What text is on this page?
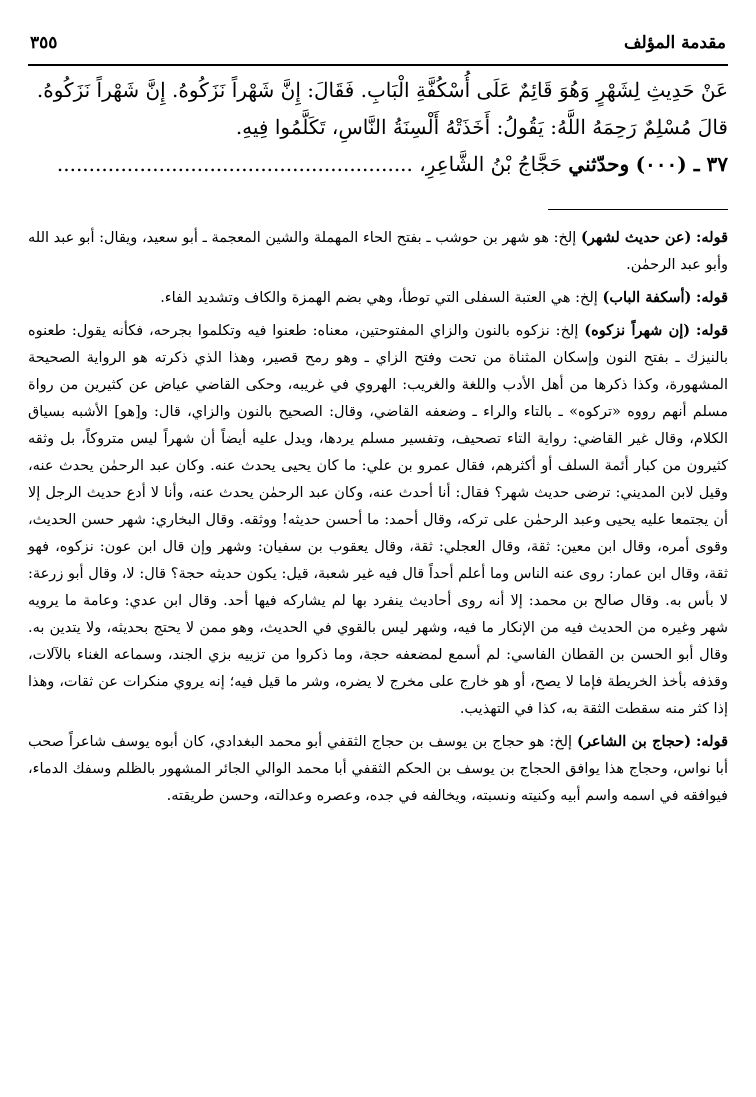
مقدمة المؤلف
٣٥٥

عَنْ حَدِيثِ لِشَهْرٍ وَهُوَ قَائِمٌ عَلَى أُسْكُفَّةِ الْبَابِ. فَقَالَ: إِنَّ شَهْراً نَزَكُوهُ. إِنَّ شَهْراً نَزَكُوهُ.

قالَ مُسْلِمٌ رَحِمَهُ اللَّهُ: يَقُولُ: أَخَذَتْهُ أَلْسِنَةُ النَّاسِ، تَكَلَّمُوا فِيهِ.

٣٧ ـ (٠٠٠) وحدّثني حَجَّاجُ بْنُ الشَّاعِرِ، ........................................................

قوله: (عن حديث لشهر) إلخ: هو شهر بن حوشب ـ بفتح الحاء المهملة والشين المعجمة ـ أبو سعيد، ويقال: أبو عبد الله وأبو عبد الرحمٰن.

قوله: (أسكفة الباب) إلخ: هي العتبة السفلى التي توطأ، وهي بضم الهمزة والكاف وتشديد الفاء.

قوله: (إن شهراً نزكوه) إلخ: نزكوه بالنون والزاي المفتوحتين، معناه: طعنوا فيه وتكلموا بجرحه، فكأنه يقول: طعنوه بالنيزك ـ بفتح النون وإسكان المثناة من تحت وفتح الزاي ـ وهو رمح قصير، وهذا الذي ذكرته هو الرواية الصحيحة المشهورة، وكذا ذكرها من أهل الأدب واللغة والغريب: الهروي في غريبه، وحكى القاضي عياض عن كثيرين من رواة مسلم أنهم رووه «تركوه» ـ بالتاء والراء ـ وضعفه القاضي، وقال: الصحيح بالنون والزاي، قال: و[هو] الأشبه بسياق الكلام، وقال غير القاضي: رواية التاء تصحيف، وتفسير مسلم يردها، ويدل عليه أيضاً أن شهراً ليس متروكاً، بل وثقه كثيرون من كبار أئمة السلف أو أكثرهم، فقال عمرو بن علي: ما كان يحيى يحدث عنه. وكان عبد الرحمٰن يحدث عنه، وقيل لابن المديني: ترضى حديث شهر؟ فقال: أنا أحدث عنه، وكان عبد الرحمٰن يحدث عنه، وأنا لا أدع حديث الرجل إلا أن يجتمعا عليه يحيى وعبد الرحمٰن على تركه، وقال أحمد: ما أحسن حديثه! ووثقه. وقال البخاري: شهر حسن الحديث، وقوى أمره، وقال ابن معين: ثقة، وقال العجلي: ثقة، وقال يعقوب بن سفيان: وشهر وإن قال ابن عون: نزكوه، فهو ثقة، وقال ابن عمار: روى عنه الناس وما أعلم أحداً قال فيه غير شعبة، قيل: يكون حديثه حجة؟ قال: لا، وقال أبو زرعة: لا بأس به. وقال صالح بن محمد: إلا أنه روى أحاديث ينفرد بها لم يشاركه فيها أحد. وقال ابن عدي: وعامة ما يرويه شهر وغيره من الحديث فيه من الإنكار ما فيه، وشهر ليس بالقوي في الحديث، وهو ممن لا يحتج بحديثه، ولا يتدين به. وقال أبو الحسن بن القطان الفاسي: لم أسمع لمضعفه حجة، وما ذكروا من تزييه بزي الجند، وسماعه الغناء بالآلات، وقذفه بأخذ الخريطة فإما لا يصح، أو هو خارج على مخرج لا يضره، وشر ما قيل فيه؛ إنه يروي منكرات عن ثقات، وهذا إذا كثر منه سقطت الثقة به، كذا في التهذيب.

قوله: (حجاج بن الشاعر) إلخ: هو حجاج بن يوسف بن حجاج الثقفي أبو محمد البغدادي، كان أبوه يوسف شاعراً صحب أبا نواس، وحجاج هذا يوافق الحجاج بن يوسف بن الحكم الثقفي أبا محمد الوالي الجائر المشهور بالظلم وسفك الدماء، فيوافقه في اسمه واسم أبيه وكنيته ونسبته، ويخالفه في جده، وعصره وعدالته، وحسن طريقته.
